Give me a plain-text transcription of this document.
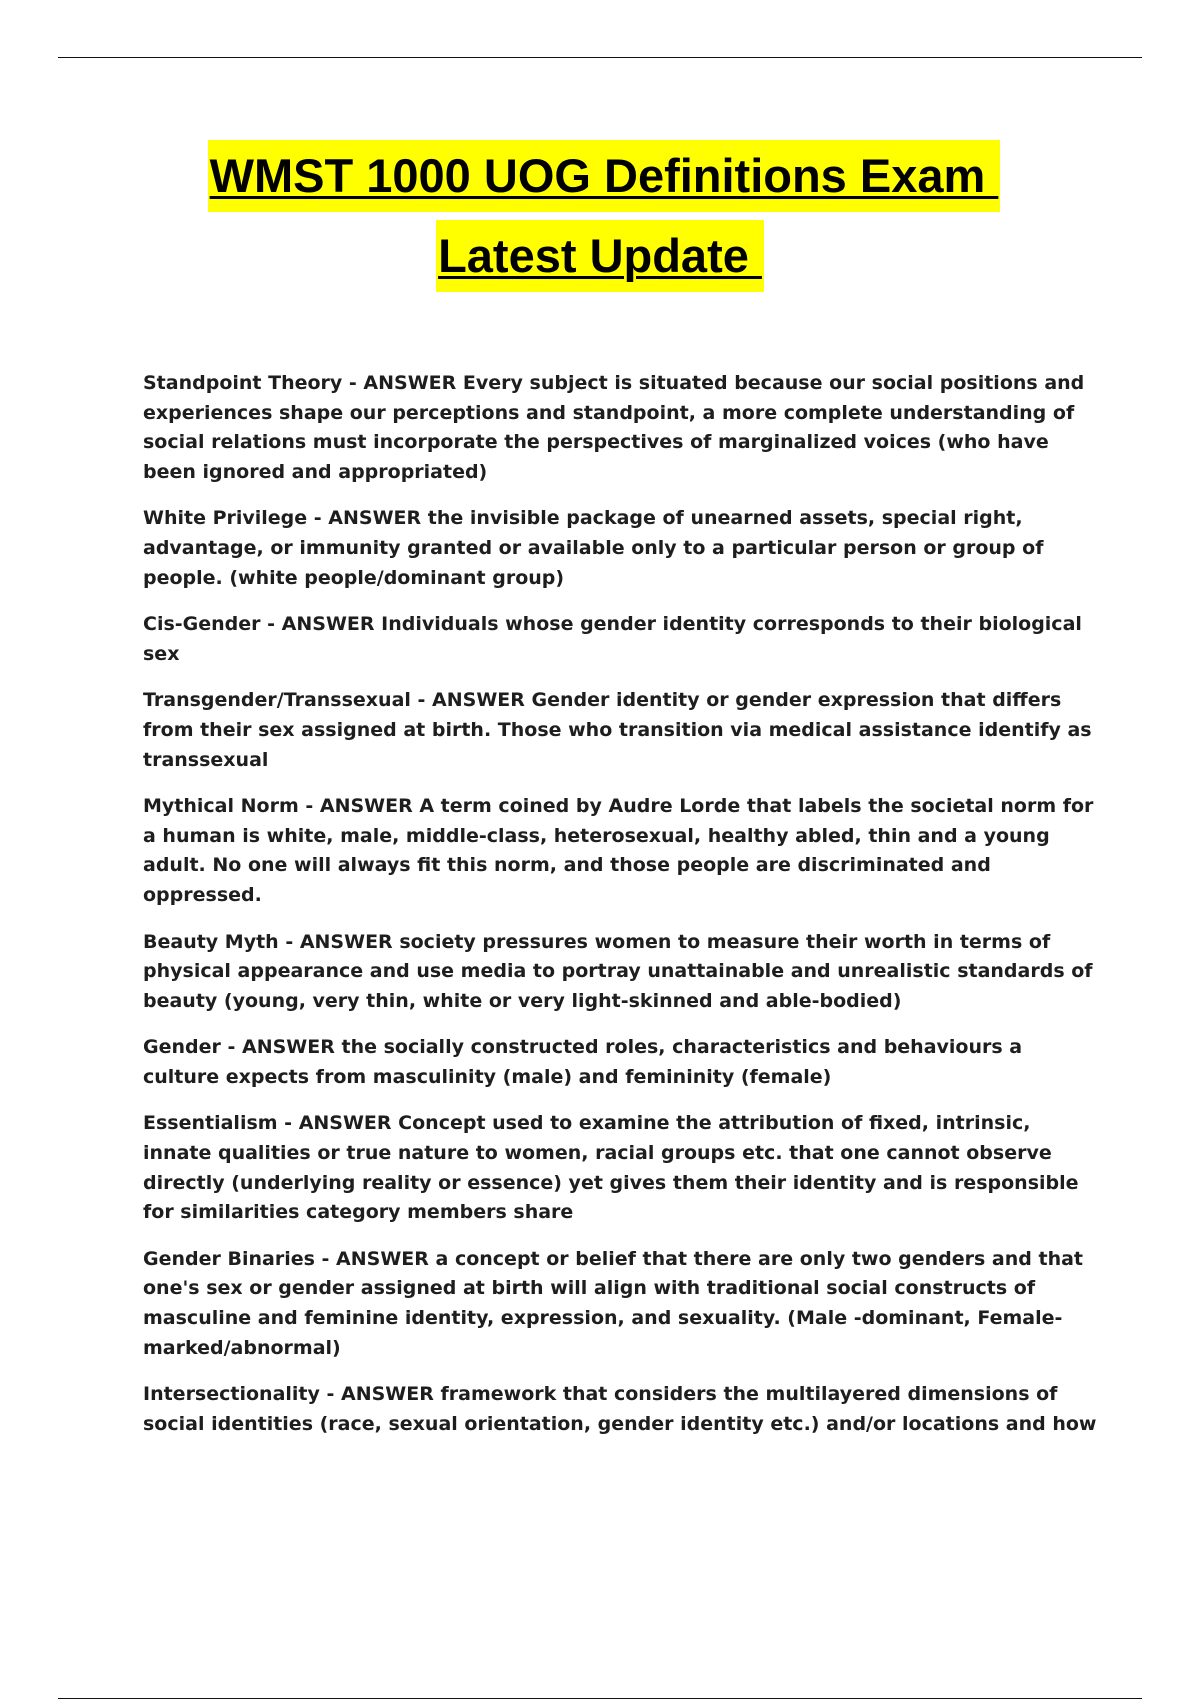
WMST 1000 UOG Definitions Exam
Latest Update

Standpoint Theory - ANSWER Every subject is situated because our social positions and experiences shape our perceptions and standpoint, a more complete understanding of social relations must incorporate the perspectives of marginalized voices (who have been ignored and appropriated)

White Privilege - ANSWER the invisible package of unearned assets, special right, advantage, or immunity granted or available only to a particular person or group of people. (white people/dominant group)

Cis-Gender - ANSWER Individuals whose gender identity corresponds to their biological sex

Transgender/Transsexual - ANSWER Gender identity or gender expression that differs from their sex assigned at birth. Those who transition via medical assistance identify as transsexual

Mythical Norm - ANSWER A term coined by Audre Lorde that labels the societal norm for a human is white, male, middle-class, heterosexual, healthy abled, thin and a young adult. No one will always fit this norm, and those people are discriminated and oppressed.

Beauty Myth - ANSWER society pressures women to measure their worth in terms of physical appearance and use media to portray unattainable and unrealistic standards of beauty (young, very thin, white or very light-skinned and able-bodied)

Gender - ANSWER the socially constructed roles, characteristics and behaviours a culture expects from masculinity (male) and femininity (female)

Essentialism - ANSWER Concept used to examine the attribution of fixed, intrinsic, innate qualities or true nature to women, racial groups etc. that one cannot observe directly (underlying reality or essence) yet gives them their identity and is responsible for similarities category members share

Gender Binaries - ANSWER a concept or belief that there are only two genders and that one's sex or gender assigned at birth will align with traditional social constructs of masculine and feminine identity, expression, and sexuality. (Male -dominant, Female-marked/abnormal)

Intersectionality - ANSWER framework that considers the multilayered dimensions of social identities (race, sexual orientation, gender identity etc.) and/or locations and how
